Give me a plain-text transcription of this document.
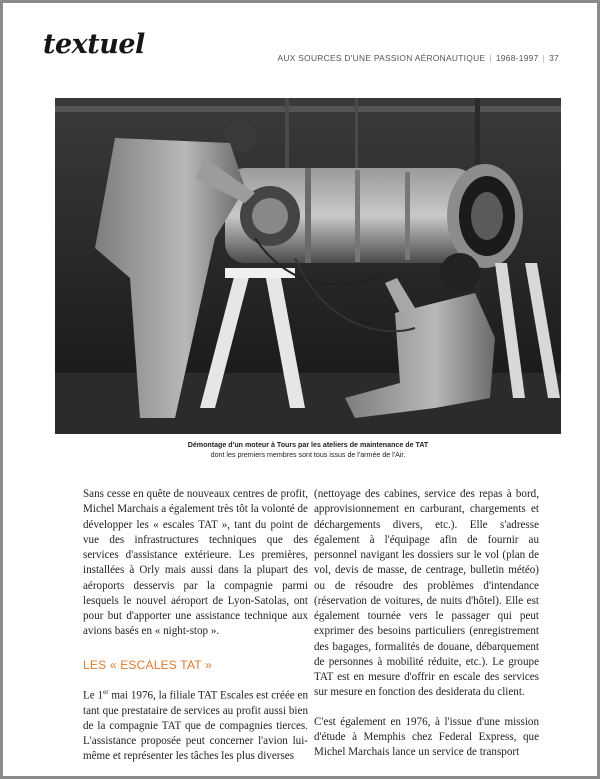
textuel	AUX SOURCES D'UNE PASSION AÉRONAUTIQUE | 1968-1997 | 37
Démontage d'un moteur à Tours par les ateliers de maintenance de TAT
dont les premiers membres sont tous issus de l'armée de l'Air.

Sans cesse en quête de nouveaux centres de profit, Michel Marchais a également très tôt la volonté de développer les « escales TAT », tant du point de vue des infrastructures techniques que des services d'assistance extérieure. Les premières, installées à Orly mais aussi dans la plupart des aéroports desservis par la compagnie parmi lesquels le nouvel aéroport de Lyon-Satolas, ont pour but d'apporter une assistance technique aux avions basés en « night-stop ».

LES « ESCALES TAT »

Le 1er mai 1976, la filiale TAT Escales est créée en tant que prestataire de services au profit aussi bien de la compagnie TAT que de compagnies tierces. L'assistance proposée peut concerner l'avion lui-même et représenter les tâches les plus diverses

(nettoyage des cabines, service des repas à bord, approvisionnement en carburant, chargements et déchargements divers, etc.). Elle s'adresse également à l'équipage afin de fournir au personnel navigant les dossiers sur le vol (plan de vol, devis de masse, de centrage, bulletin météo) ou de résoudre des problèmes d'intendance (réservation de voitures, de nuits d'hôtel). Elle est également tournée vers le passager qui peut exprimer des besoins particuliers (enregistrement des bagages, formalités de douane, débarquement de personnes à mobilité réduite, etc.). Le groupe TAT est en mesure d'offrir en escale des services sur mesure en fonction des desiderata du client.

C'est également en 1976, à l'issue d'une mission d'étude à Memphis chez Federal Express, que Michel Marchais lance un service de transport
